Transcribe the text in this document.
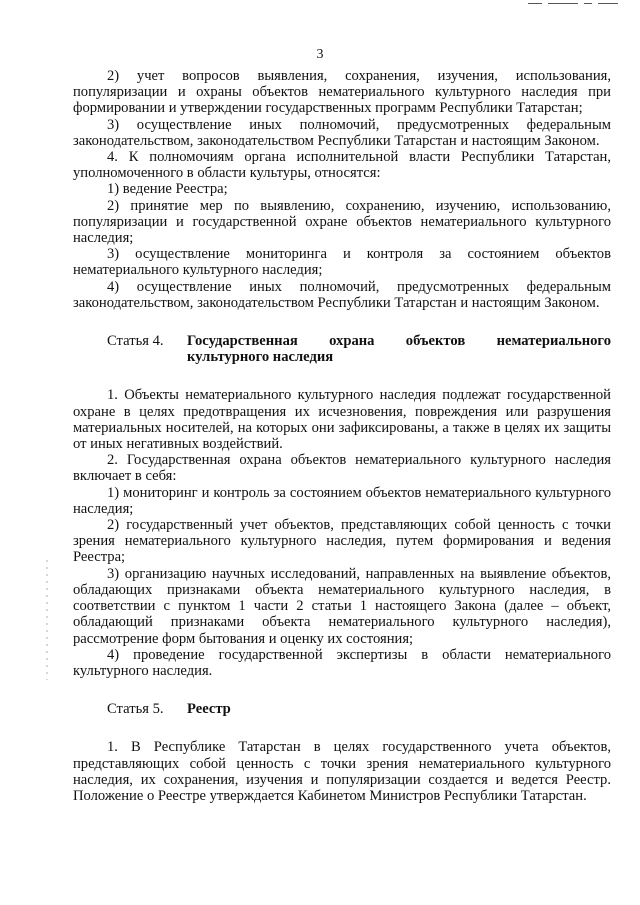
3

2) учет вопросов выявления, сохранения, изучения, использования, популяризации и охраны объектов нематериального культурного наследия при формировании и утверждении государственных программ Республики Татарстан;

3) осуществление иных полномочий, предусмотренных федеральным законодательством, законодательством Республики Татарстан и настоящим Законом.

4. К полномочиям органа исполнительной власти Республики Татарстан, уполномоченного в области культуры, относятся:

1) ведение Реестра;

2) принятие мер по выявлению, сохранению, изучению, использованию, популяризации и государственной охране объектов нематериального культурного наследия;

3) осуществление мониторинга и контроля за состоянием объектов нематериального культурного наследия;

4) осуществление иных полномочий, предусмотренных федеральным законодательством, законодательством Республики Татарстан и настоящим Законом.

Статья 4.	Государственная охрана объектов нематериального культурного наследия

1. Объекты нематериального культурного наследия подлежат государственной охране в целях предотвращения их исчезновения, повреждения или разрушения материальных носителей, на которых они зафиксированы, а также в целях их защиты от иных негативных воздействий.

2. Государственная охрана объектов нематериального культурного наследия включает в себя:

1) мониторинг и контроль за состоянием объектов нематериального культурного наследия;

2) государственный учет объектов, представляющих собой ценность с точки зрения нематериального культурного наследия, путем формирования и ведения Реестра;

3) организацию научных исследований, направленных на выявление объектов, обладающих признаками объекта нематериального культурного наследия, в соответствии с пунктом 1 части 2 статьи 1 настоящего Закона (далее – объект, обладающий признаками объекта нематериального культурного наследия), рассмотрение форм бытования и оценку их состояния;

4) проведение государственной экспертизы в области нематериального культурного наследия.

Статья 5.	Реестр

1. В Республике Татарстан в целях государственного учета объектов, представляющих собой ценность с точки зрения нематериального культурного наследия, их сохранения, изучения и популяризации создается и ведется Реестр. Положение о Реестре утверждается Кабинетом Министров Республики Татарстан.
